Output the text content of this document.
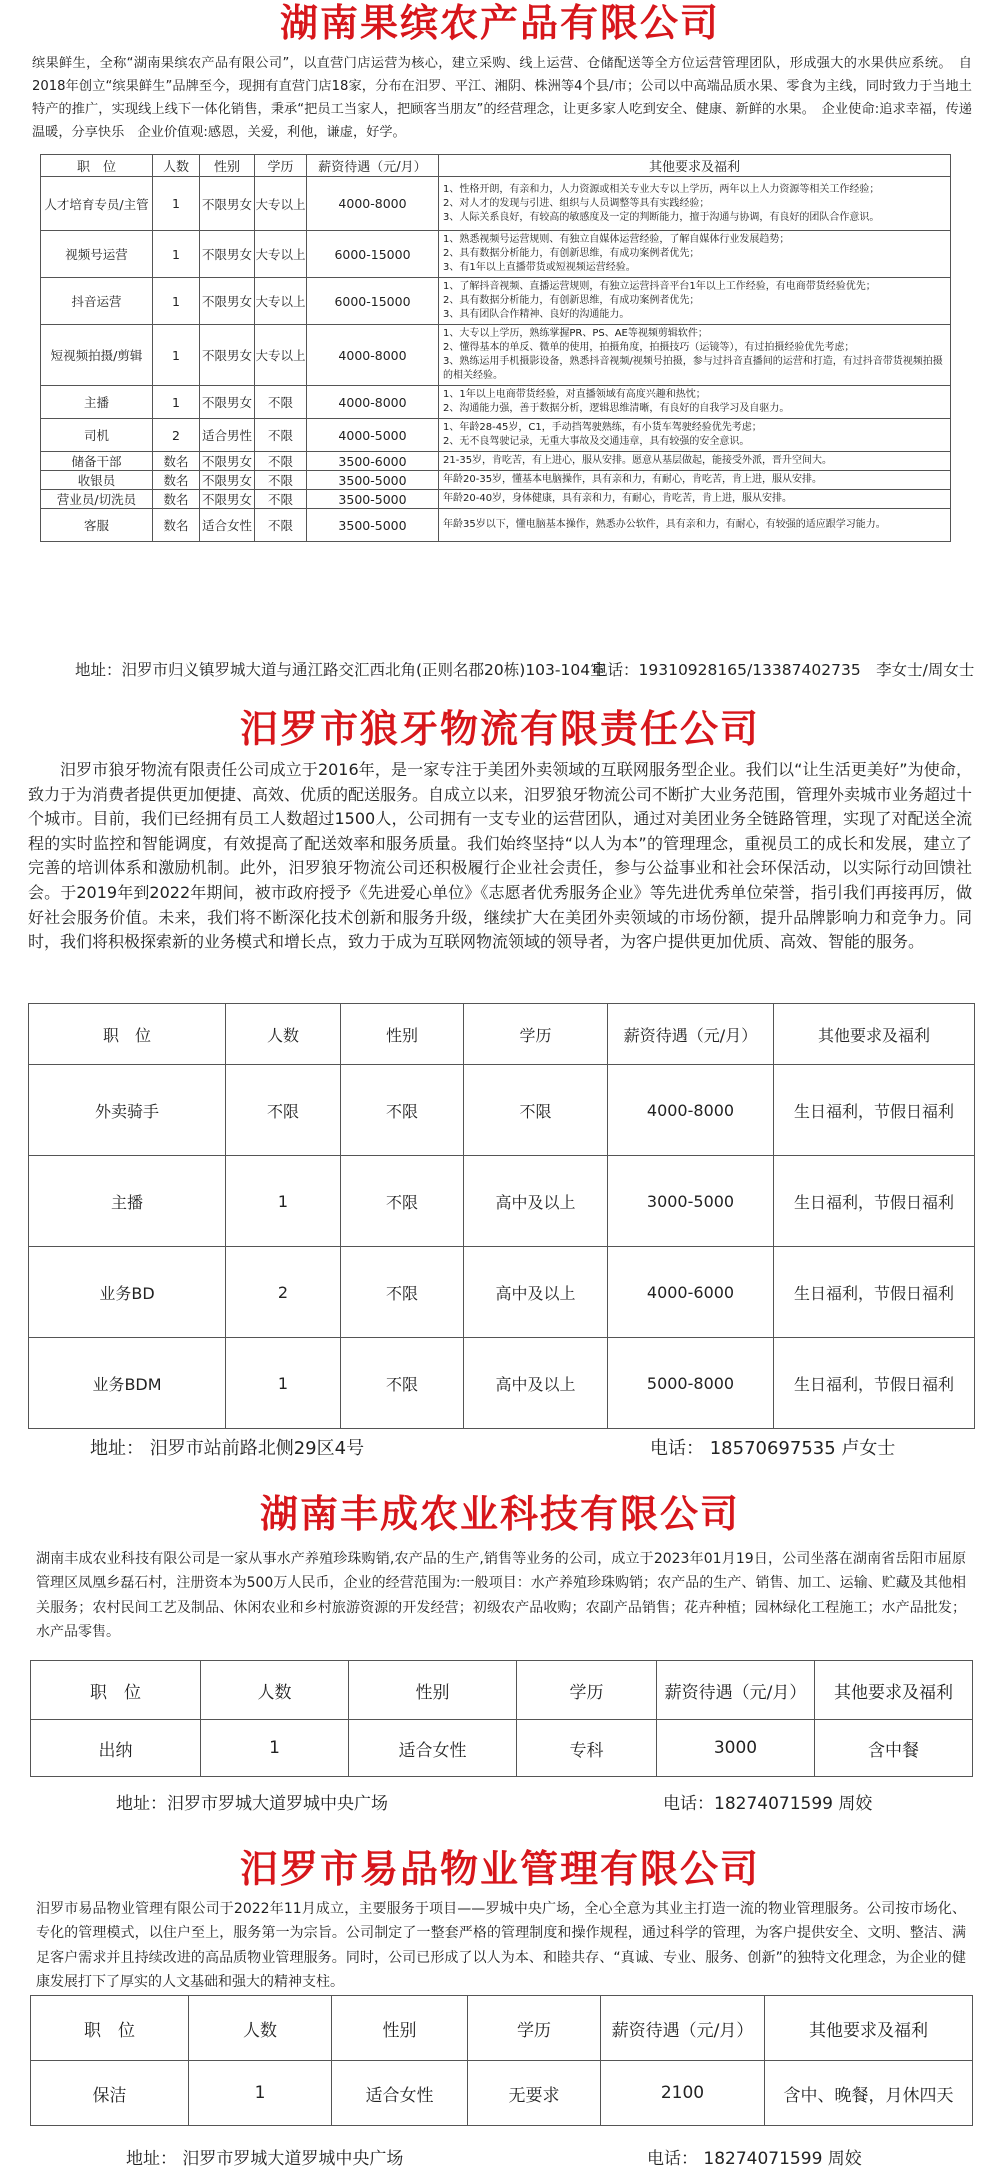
湖南果缤农产品有限公司
缤果鲜生，全称“湖南果缤农产品有限公司”，以直营门店运营为核心，建立采购、线上运营、仓储配送等全方位运营管理团队，形成强大的水果供应系统。　自2018年创立“缤果鲜生”品牌至今，现拥有直营门店18家，分布在汨罗、平江、湘阴、株洲等4个县/市；公司以中高端品质水果、零食为主线，同时致力于当地土特产的推广，实现线上线下一体化销售，秉承“把员工当家人，把顾客当朋友”的经营理念，让更多家人吃到安全、健康、新鲜的水果。　企业使命:追求幸福，传递温暖，分享快乐　企业价值观:感恩，关爱，利他，谦虚，好学。
职　位	人数	性别	学历	薪资待遇（元/月）	其他要求及福利
人才培育专员/主管	1	不限男女	大专以上	4000-8000	1、性格开朗，有亲和力，人力资源或相关专业大专以上学历，两年以上人力资源等相关工作经验；
2、对人才的发现与引进、组织与人员调整等具有实践经验；
3、人际关系良好，有较高的敏感度及一定的判断能力，擅于沟通与协调，有良好的团队合作意识。
视频号运营	1	不限男女	大专以上	6000-15000	1、熟悉视频号运营规则、有独立自媒体运营经验，了解自媒体行业发展趋势；
2、具有数据分析能力，有创新思维，有成功案例者优先；
3、有1年以上直播带货或短视频运营经验。
抖音运营	1	不限男女	大专以上	6000-15000	1、了解抖音视频、直播运营规则，有独立运营抖音平台1年以上工作经验，有电商带货经验优先；
2、具有数据分析能力，有创新思维，有成功案例者优先；
3、具有团队合作精神、良好的沟通能力。
短视频拍摄/剪辑	1	不限男女	大专以上	4000-8000	1、大专以上学历，熟练掌握PR、PS、AE等视频剪辑软件；
2、懂得基本的单反、微单的使用，拍摄角度，拍摄技巧（运镜等），有过拍摄经验优先考虑；
3、熟练运用手机摄影设备，熟悉抖音视频/视频号拍摄，参与过抖音直播间的运营和打造，有过抖音带货视频拍摄的相关经验。
主播	1	不限男女	不限	4000-8000	1、1年以上电商带货经验，对直播领域有高度兴趣和热忱；
2、沟通能力强，善于数据分析，逻辑思维清晰，有良好的自我学习及自驱力。
司机	2	适合男性	不限	4000-5000	1、年龄28-45岁，C1，手动挡驾驶熟练，有小货车驾驶经验优先考虑；
2、无不良驾驶记录，无重大事故及交通违章，具有较强的安全意识。
储备干部	数名	不限男女	不限	3500-6000	21-35岁，肯吃苦，有上进心，服从安排。愿意从基层做起，能接受外派，晋升空间大。
收银员	数名	不限男女	不限	3500-5000	年龄20-35岁，懂基本电脑操作，具有亲和力，有耐心，肯吃苦，肯上进，服从安排。
营业员/切洗员	数名	不限男女	不限	3500-5000	年龄20-40岁，身体健康，具有亲和力，有耐心，肯吃苦，肯上进，服从安排。
客服	数名	适合女性	不限	3500-5000	年龄35岁以下，懂电脑基本操作，熟悉办公软件，具有亲和力，有耐心，有较强的适应跟学习能力。
地址：汨罗市归义镇罗城大道与通江路交汇西北角(正则名郡20栋)103-104室
电话：19310928165/13387402735　李女士/周女士
汨罗市狼牙物流有限责任公司
汨罗市狼牙物流有限责任公司成立于2016年，是一家专注于美团外卖领域的互联网服务型企业。我们以“让生活更美好”为使命，致力于为消费者提供更加便捷、高效、优质的配送服务。自成立以来，汨罗狼牙物流公司不断扩大业务范围，管理外卖城市业务超过十个城市。目前，我们已经拥有员工人数超过1500人，公司拥有一支专业的运营团队，通过对美团业务全链路管理，实现了对配送全流程的实时监控和智能调度，有效提高了配送效率和服务质量。我们始终坚持“以人为本”的管理理念，重视员工的成长和发展，建立了完善的培训体系和激励机制。此外，汨罗狼牙物流公司还积极履行企业社会责任，参与公益事业和社会环保活动，以实际行动回馈社会。于2019年到2022年期间，被市政府授予《先进爱心单位》《志愿者优秀服务企业》等先进优秀单位荣誉，指引我们再接再厉，做好社会服务价值。未来，我们将不断深化技术创新和服务升级，继续扩大在美团外卖领域的市场份额，提升品牌影响力和竞争力。同时，我们将积极探索新的业务模式和增长点，致力于成为互联网物流领域的领导者，为客户提供更加优质、高效、智能的服务。
职　位	人数	性别	学历	薪资待遇（元/月）	其他要求及福利
外卖骑手	不限	不限	不限	4000-8000	生日福利，节假日福利
主播	1	不限	高中及以上	3000-5000	生日福利，节假日福利
业务BD	2	不限	高中及以上	4000-6000	生日福利，节假日福利
业务BDM	1	不限	高中及以上	5000-8000	生日福利，节假日福利
地址： 汨罗市站前路北侧29区4号	电话： 18570697535 卢女士
湖南丰成农业科技有限公司
湖南丰成农业科技有限公司是一家从事水产养殖珍珠购销,农产品的生产,销售等业务的公司，成立于2023年01月19日，公司坐落在湖南省岳阳市屈原管理区凤凰乡磊石村，注册资本为500万人民币，企业的经营范围为:一般项目：水产养殖珍珠购销；农产品的生产、销售、加工、运输、贮藏及其他相关服务；农村民间工艺及制品、休闲农业和乡村旅游资源的开发经营；初级农产品收购；农副产品销售；花卉种植；园林绿化工程施工；水产品批发；水产品零售。
职　位	人数	性别	学历	薪资待遇（元/月）	其他要求及福利
出纳	1	适合女性	专科	3000	含中餐
地址：汨罗市罗城大道罗城中央广场	电话：18274071599 周姣
汨罗市易品物业管理有限公司
汨罗市易品物业管理有限公司于2022年11月成立，主要服务于项目——罗城中央广场，全心全意为其业主打造一流的物业管理服务。公司按市场化、专化的管理模式，以住户至上，服务第一为宗旨。公司制定了一整套严格的管理制度和操作规程，通过科学的管理，为客户提供安全、文明、整洁、满足客户需求并且持续改进的高品质物业管理服务。同时，公司已形成了以人为本、和睦共存、“真诚、专业、服务、创新”的独特文化理念，为企业的健康发展打下了厚实的人文基础和强大的精神支柱。
职　位	人数	性别	学历	薪资待遇（元/月）	其他要求及福利
保洁	1	适合女性	无要求	2100	含中、晚餐，月休四天
地址： 汨罗市罗城大道罗城中央广场	电话： 18274071599 周姣
